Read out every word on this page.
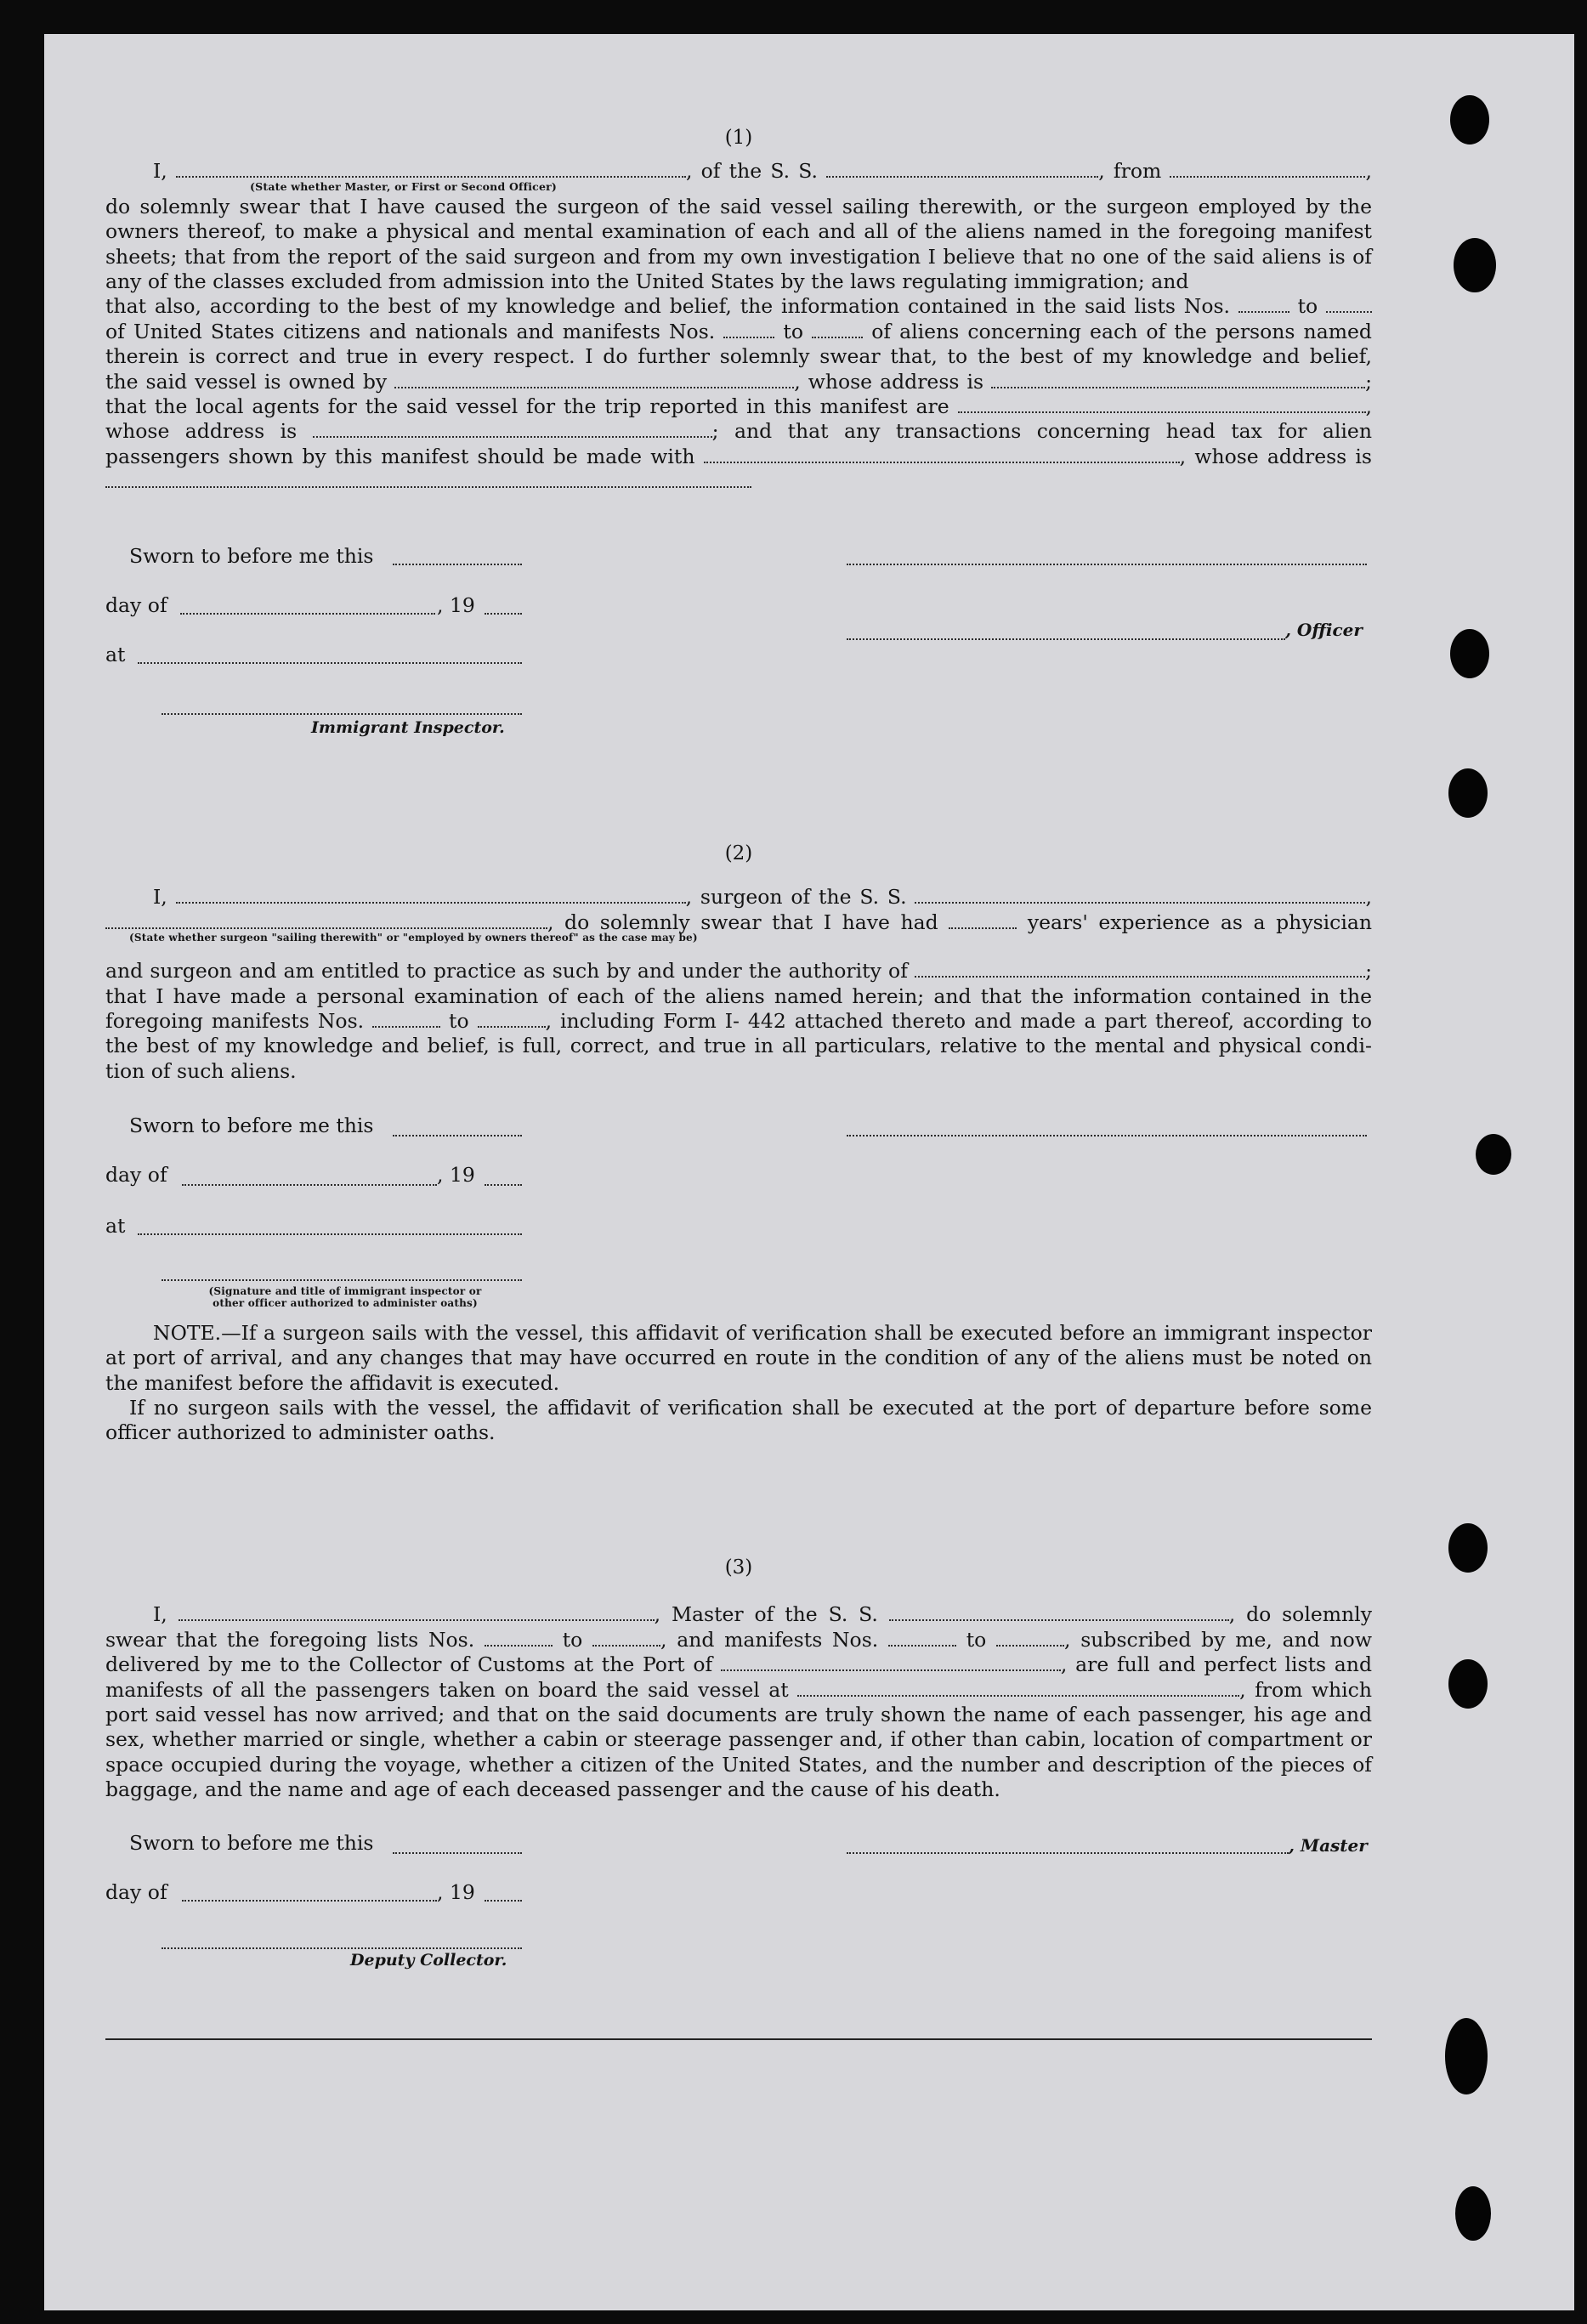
(1)
I,	, of the S. S.	, from	,
(State whether Master, or First or Second Officer)
do solemnly swear that I have caused the surgeon of the said vessel sailing therewith, or the surgeon employed by the owners thereof, to make a physical and mental examination of each and all of the aliens named in the foregoing manifest sheets; that from the report of the said surgeon and from my own investigation I believe that no one of the said aliens is of any of the classes excluded from admission into the United States by the laws regulating immigration; and
that also, according to the best of my knowledge and belief, the information contained in the said lists Nos.	to
of United States citizens and nationals and manifests Nos.	to	of aliens concerning each of the persons named
therein is correct and true in every respect. I do further solemnly swear that, to the best of my knowledge and belief,
the said vessel is owned by	, whose address is	;
that the local agents for the said vessel for the trip reported in this manifest are	,
whose address is	; and that any transactions concerning head tax for alien
passengers shown by this manifest should be made with	, whose address is
Sworn to before me this
day of	, 19
, Officer
at
Immigrant Inspector.
(2)
I,	, surgeon of the S. S.	,
, do solemnly swear that I have had	years' experience as a physician
(State whether surgeon "sailing therewith" or "employed by owners thereof" as the case may be)
and surgeon and am entitled to practice as such by and under the authority of	;
that I have made a personal examination of each of the aliens named herein; and that the information contained in the
foregoing manifests Nos.	to	, including Form I- 442 attached thereto and made a part thereof, according to
the best of my knowledge and belief, is full, correct, and true in all particulars, relative to the mental and physical condi-
tion of such aliens.
Sworn to before me this
day of	, 19
at
(Signature and title of immigrant inspector or
other officer authorized to administer oaths)
NOTE.—If a surgeon sails with the vessel, this affidavit of verification shall be executed before an immigrant inspector at port of arrival, and any changes that may have occurred en route in the condition of any of the aliens must be noted on the manifest before the affidavit is executed.
If no surgeon sails with the vessel, the affidavit of verification shall be executed at the port of departure before some officer authorized to administer oaths.
(3)
I,	, Master of the S. S.	, do solemnly
swear that the foregoing lists Nos.	to	, and manifests Nos.	to	, subscribed by me, and now
delivered by me to the Collector of Customs at the Port of	, are full and perfect lists and
manifests of all the passengers taken on board the said vessel at	, from which
port said vessel has now arrived; and that on the said documents are truly shown the name of each passenger, his age and sex, whether married or single, whether a cabin or steerage passenger and, if other than cabin, location of compartment or space occupied during the voyage, whether a citizen of the United States, and the number and description of the pieces of baggage, and the name and age of each deceased passenger and the cause of his death.
Sworn to before me this	, Master
day of	, 19
Deputy Collector.
